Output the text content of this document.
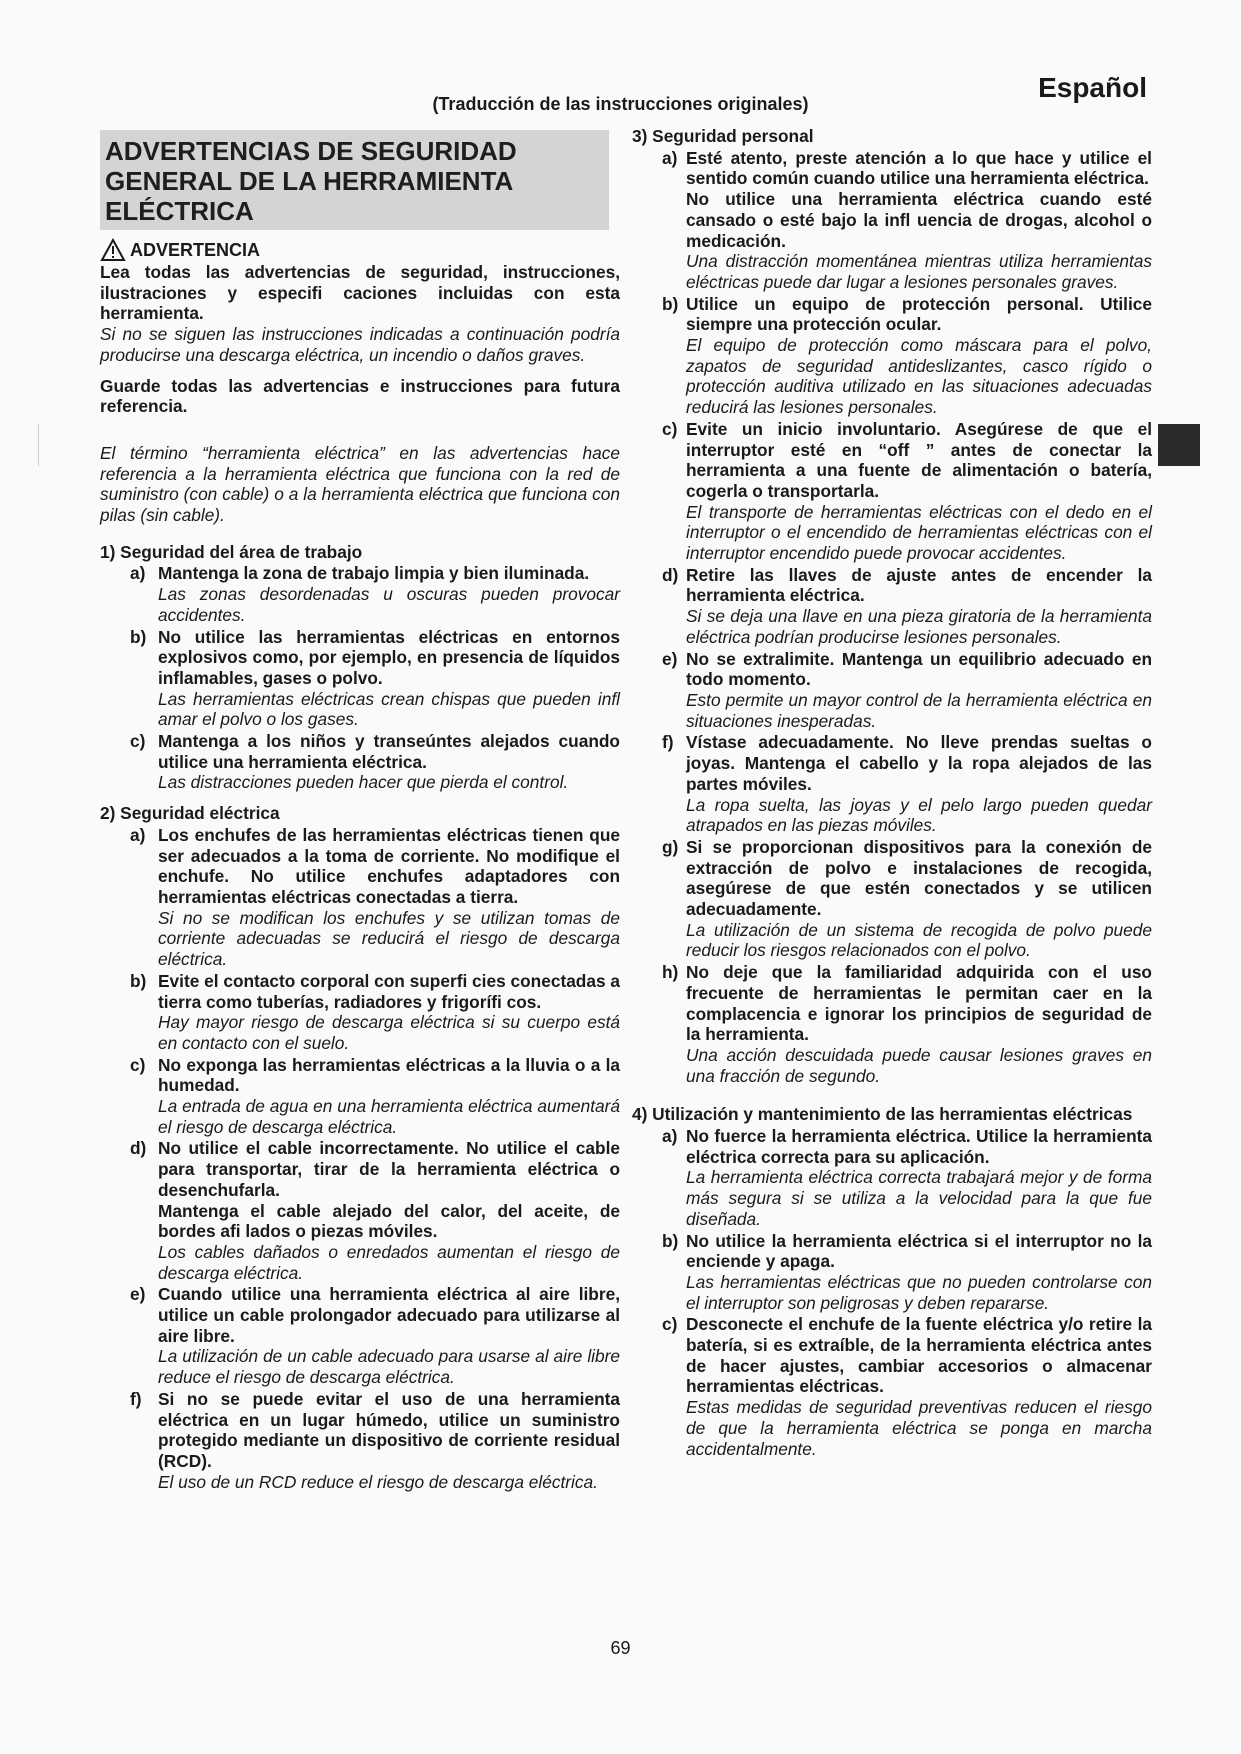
Español
(Traducción de las instrucciones originales)
ADVERTENCIAS DE SEGURIDAD GENERAL DE LA HERRAMIENTA ELÉCTRICA
ADVERTENCIA

Lea todas las advertencias de seguridad, instrucciones, ilustraciones y especifi caciones incluidas con esta herramienta.

Si no se siguen las instrucciones indicadas a continuación podría producirse una descarga eléctrica, un incendio o daños graves.

Guarde todas las advertencias e instrucciones para futura referencia.

El término “herramienta eléctrica” en las advertencias hace referencia a la herramienta eléctrica que funciona con la red de suministro (con cable) o a la herramienta eléctrica que funciona con pilas (sin cable).

1) Seguridad del área de trabajo

a) Mantenga la zona de trabajo limpia y bien iluminada.

Las zonas desordenadas u oscuras pueden provocar accidentes.

b) No utilice las herramientas eléctricas en entornos explosivos como, por ejemplo, en presencia de líquidos inflamables, gases o polvo.

Las herramientas eléctricas crean chispas que pueden infl amar el polvo o los gases.

c) Mantenga a los niños y transeúntes alejados cuando utilice una herramienta eléctrica.

Las distracciones pueden hacer que pierda el control.

2) Seguridad eléctrica

a) Los enchufes de las herramientas eléctricas tienen que ser adecuados a la toma de corriente. No modifique el enchufe. No utilice enchufes adaptadores con herramientas eléctricas conectadas a tierra.

Si no se modifican los enchufes y se utilizan tomas de corriente adecuadas se reducirá el riesgo de descarga eléctrica.

b) Evite el contacto corporal con superfi cies conectadas a tierra como tuberías, radiadores y frigorífi cos.

Hay mayor riesgo de descarga eléctrica si su cuerpo está en contacto con el suelo.

c) No exponga las herramientas eléctricas a la lluvia o a la humedad.

La entrada de agua en una herramienta eléctrica aumentará el riesgo de descarga eléctrica.

d) No utilice el cable incorrectamente. No utilice el cable para transportar, tirar de la herramienta eléctrica o desenchufarla.

Mantenga el cable alejado del calor, del aceite, de bordes afi lados o piezas móviles.

Los cables dañados o enredados aumentan el riesgo de descarga eléctrica.

e) Cuando utilice una herramienta eléctrica al aire libre, utilice un cable prolongador adecuado para utilizarse al aire libre.

La utilización de un cable adecuado para usarse al aire libre reduce el riesgo de descarga eléctrica.

f) Si no se puede evitar el uso de una herramienta eléctrica en un lugar húmedo, utilice un suministro protegido mediante un dispositivo de corriente residual (RCD).

El uso de un RCD reduce el riesgo de descarga eléctrica.

3) Seguridad personal

a) Esté atento, preste atención a lo que hace y utilice el sentido común cuando utilice una herramienta eléctrica.

No utilice una herramienta eléctrica cuando esté cansado o esté bajo la infl uencia de drogas, alcohol o medicación.

Una distracción momentánea mientras utiliza herramientas eléctricas puede dar lugar a lesiones personales graves.

b) Utilice un equipo de protección personal. Utilice siempre una protección ocular.

El equipo de protección como máscara para el polvo, zapatos de seguridad antideslizantes, casco rígido o protección auditiva utilizado en las situaciones adecuadas reducirá las lesiones personales.

c) Evite un inicio involuntario. Asegúrese de que el interruptor esté en “off ” antes de conectar la herramienta a una fuente de alimentación o batería, cogerla o transportarla.

El transporte de herramientas eléctricas con el dedo en el interruptor o el encendido de herramientas eléctricas con el interruptor encendido puede provocar accidentes.

d) Retire las llaves de ajuste antes de encender la herramienta eléctrica.

Si se deja una llave en una pieza giratoria de la herramienta eléctrica podrían producirse lesiones personales.

e) No se extralimite. Mantenga un equilibrio adecuado en todo momento.

Esto permite un mayor control de la herramienta eléctrica en situaciones inesperadas.

f) Vístase adecuadamente. No lleve prendas sueltas o joyas. Mantenga el cabello y la ropa alejados de las partes móviles.

La ropa suelta, las joyas y el pelo largo pueden quedar atrapados en las piezas móviles.

g) Si se proporcionan dispositivos para la conexión de extracción de polvo e instalaciones de recogida, asegúrese de que estén conectados y se utilicen adecuadamente.

La utilización de un sistema de recogida de polvo puede reducir los riesgos relacionados con el polvo.

h) No deje que la familiaridad adquirida con el uso frecuente de herramientas le permitan caer en la complacencia e ignorar los principios de seguridad de la herramienta.

Una acción descuidada puede causar lesiones graves en una fracción de segundo.

4) Utilización y mantenimiento de las herramientas eléctricas

a) No fuerce la herramienta eléctrica. Utilice la herramienta eléctrica correcta para su aplicación.

La herramienta eléctrica correcta trabajará mejor y de forma más segura si se utiliza a la velocidad para la que fue diseñada.

b) No utilice la herramienta eléctrica si el interruptor no la enciende y apaga.

Las herramientas eléctricas que no pueden controlarse con el interruptor son peligrosas y deben repararse.

c) Desconecte el enchufe de la fuente eléctrica y/o retire la batería, si es extraíble, de la herramienta eléctrica antes de hacer ajustes, cambiar accesorios o almacenar herramientas eléctricas.

Estas medidas de seguridad preventivas reducen el riesgo de que la herramienta eléctrica se ponga en marcha accidentalmente.

69
